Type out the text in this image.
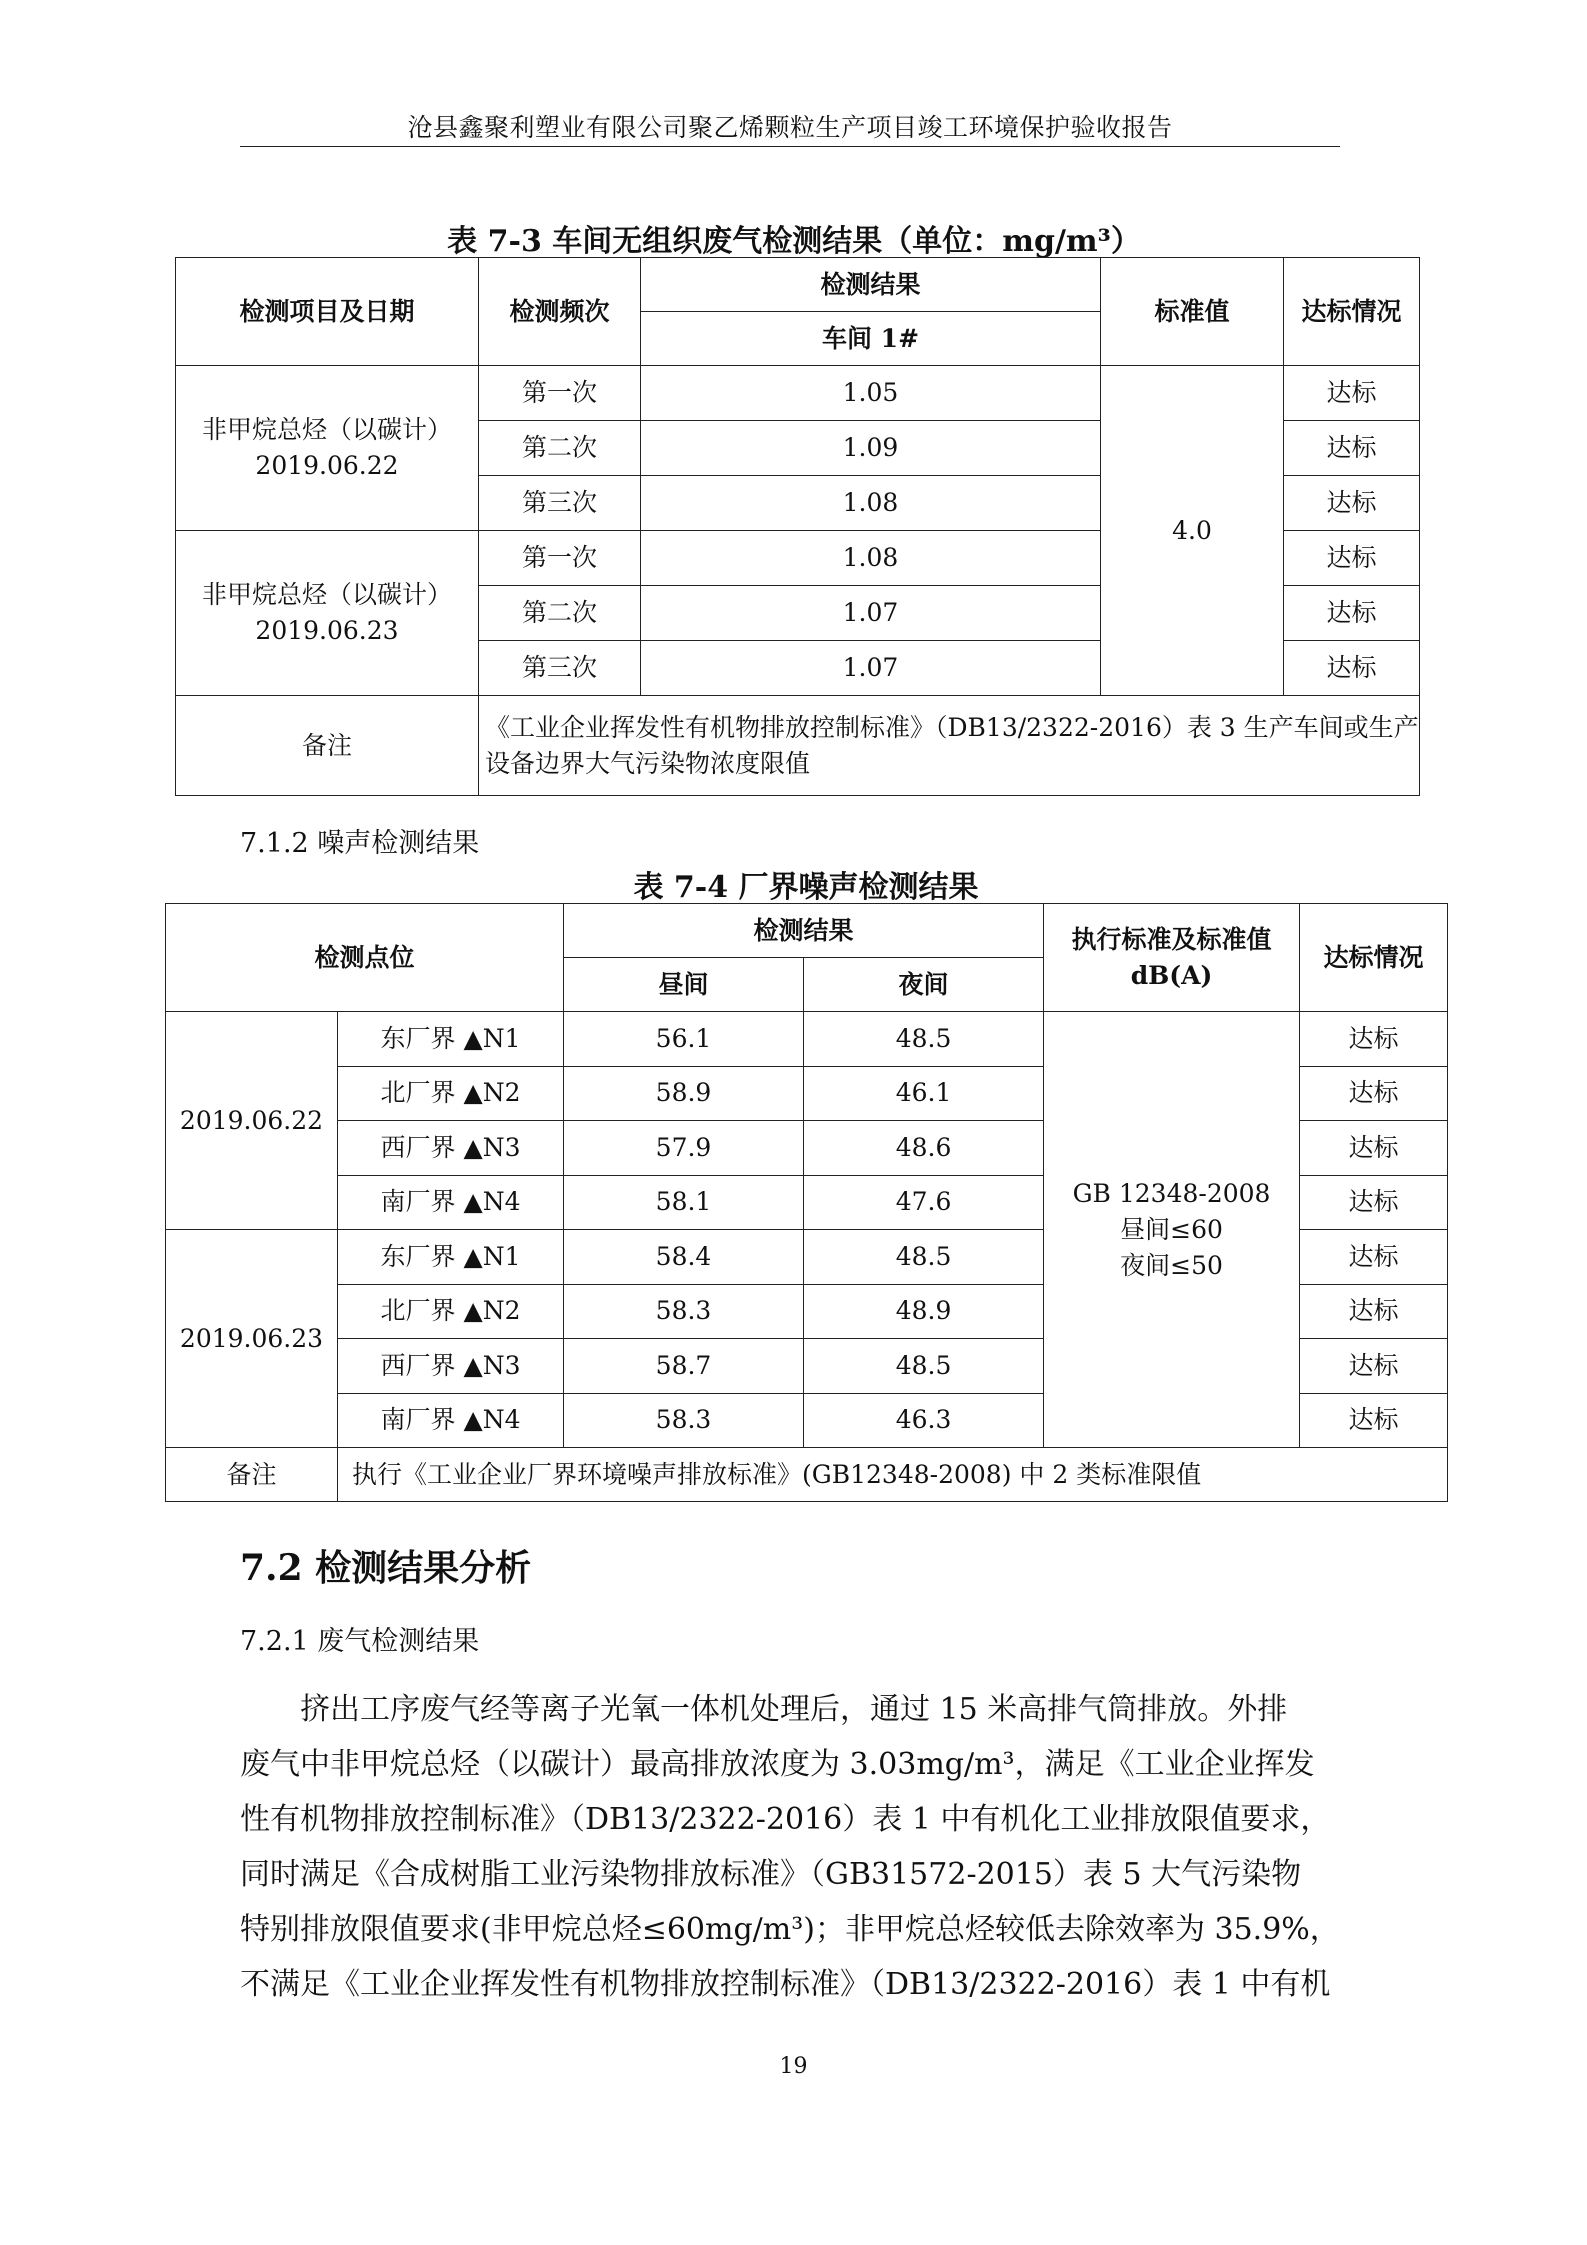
沧县鑫聚利塑业有限公司聚乙烯颗粒生产项目竣工环境保护验收报告
表 7-3 车间无组织废气检测结果（单位：mg/m³）
检测项目及日期	检测频次	检测结果	标准值	达标情况
		车间 1#		

非甲烷总烃（以碳计）
2019.06.22	第一次	1.05	4.0	达标
	第二次	1.09		达标
	第三次	1.08		达标

非甲烷总烃（以碳计）
2019.06.23	第一次	1.08		达标
	第二次	1.07		达标
	第三次	1.07		达标
备注	《工业企业挥发性有机物排放控制标准》（DB13/2322-2016）表 3 生产车间或生产设备边界大气污染物浓度限值			
7.1.2 噪声检测结果
表 7-4 厂界噪声检测结果
检测点位		检测结果		执行标准及标准值
dB(A)	达标情况
		昼间	夜间		
2019.06.22	东厂界 ▲N1	56.1	48.5	GB 12348-2008
昼间≤60
夜间≤50	达标
	北厂界 ▲N2	58.9	46.1		达标
	西厂界 ▲N3	57.9	48.6		达标
	南厂界 ▲N4	58.1	47.6		达标
2019.06.23	东厂界 ▲N1	58.4	48.5		达标
	北厂界 ▲N2	58.3	48.9		达标
	西厂界 ▲N3	58.7	48.5		达标
	南厂界 ▲N4	58.3	46.3		达标
备注	执行《工业企业厂界环境噪声排放标准》(GB12348-2008) 中 2 类标准限值				
7.2 检测结果分析
7.2.1 废气检测结果

　　挤出工序废气经等离子光氧一体机处理后，通过 15 米高排气筒排放。外排

废气中非甲烷总烃（以碳计）最高排放浓度为 3.03mg/m³，满足《工业企业挥发

性有机物排放控制标准》（DB13/2322-2016）表 1 中有机化工业排放限值要求，

同时满足《合成树脂工业污染物排放标准》（GB31572-2015）表 5 大气污染物

特别排放限值要求(非甲烷总烃≤60mg/m³)；非甲烷总烃较低去除效率为 35.9%，

不满足《工业企业挥发性有机物排放控制标准》（DB13/2322-2016）表 1 中有机

19
